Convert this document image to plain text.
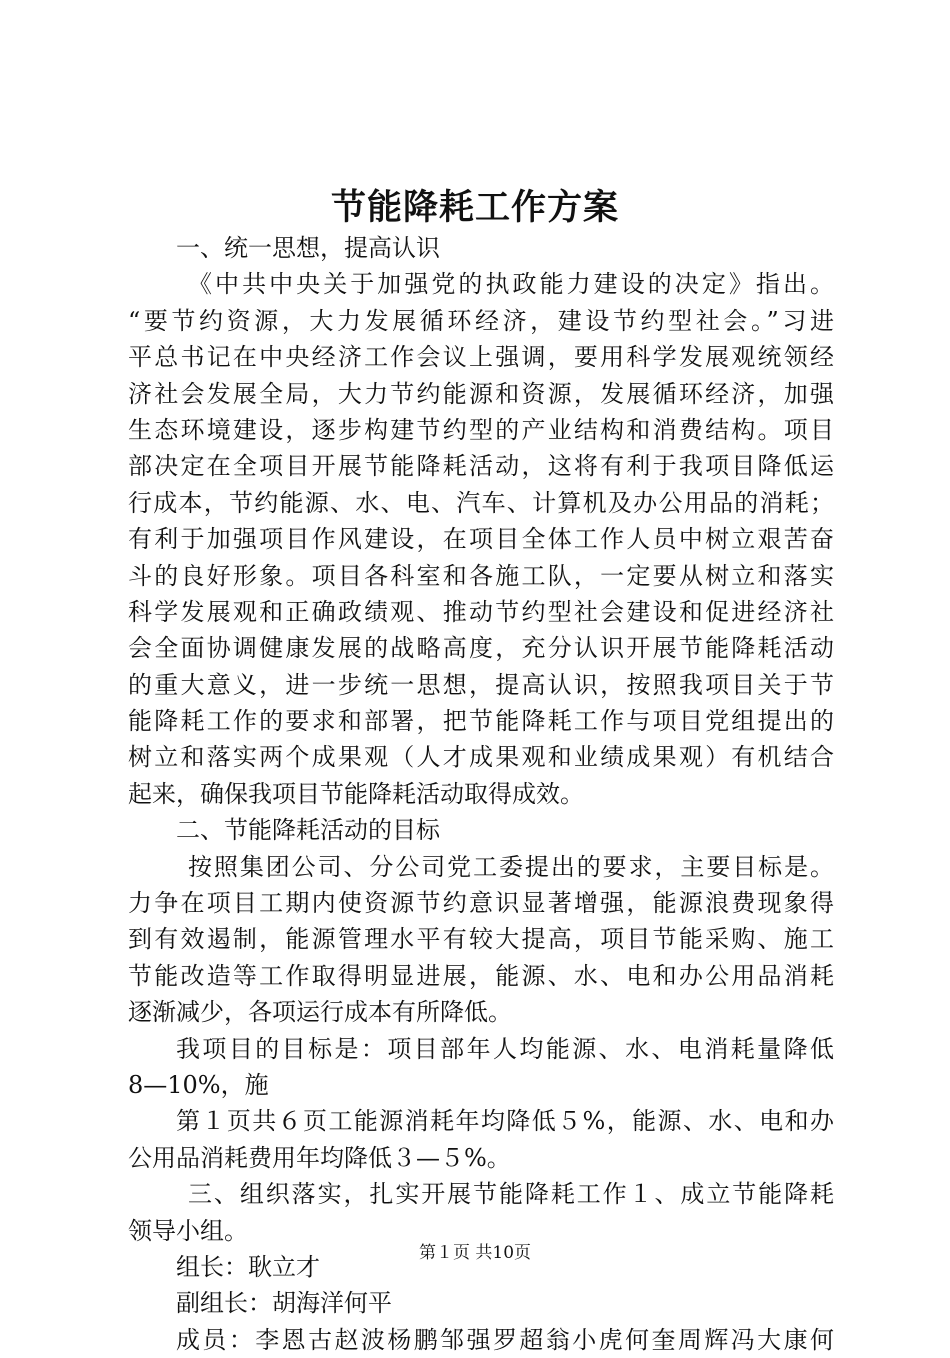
节能降耗工作方案
一、统一思想，提高认识
《中共中央关于加强党的执政能力建设的决定》指出。
“要节约资源，大力发展循环经济，建设节约型社会。”习进
平总书记在中央经济工作会议上强调，要用科学发展观统领经
济社会发展全局，大力节约能源和资源，发展循环经济，加强
生态环境建设，逐步构建节约型的产业结构和消费结构。项目
部决定在全项目开展节能降耗活动，这将有利于我项目降低运
行成本，节约能源、水、电、汽车、计算机及办公用品的消耗；
有利于加强项目作风建设，在项目全体工作人员中树立艰苦奋
斗的良好形象。项目各科室和各施工队，一定要从树立和落实
科学发展观和正确政绩观、推动节约型社会建设和促进经济社
会全面协调健康发展的战略高度，充分认识开展节能降耗活动
的重大意义，进一步统一思想，提高认识，按照我项目关于节
能降耗工作的要求和部署，把节能降耗工作与项目党组提出的
树立和落实两个成果观（人才成果观和业绩成果观）有机结合
起来，确保我项目节能降耗活动取得成效。
二、节能降耗活动的目标
按照集团公司、分公司党工委提出的要求，主要目标是。
力争在项目工期内使资源节约意识显著增强，能源浪费现象得
到有效遏制，能源管理水平有较大提高，项目节能采购、施工
节能改造等工作取得明显进展，能源、水、电和办公用品消耗
逐渐减少，各项运行成本有所降低。
我项目的目标是：项目部年人均能源、水、电消耗量降低
8—10%，施
第１页共６页工能源消耗年均降低５%，能源、水、电和办
公用品消耗费用年均降低３—５%。
三、组织落实，扎实开展节能降耗工作１、成立节能降耗
领导小组。
组长：耿立才
副组长：胡海洋何平
成员：李恩古赵波杨鹏邹强罗超翁小虎何奎周辉冯大康何
第１页 共10页
